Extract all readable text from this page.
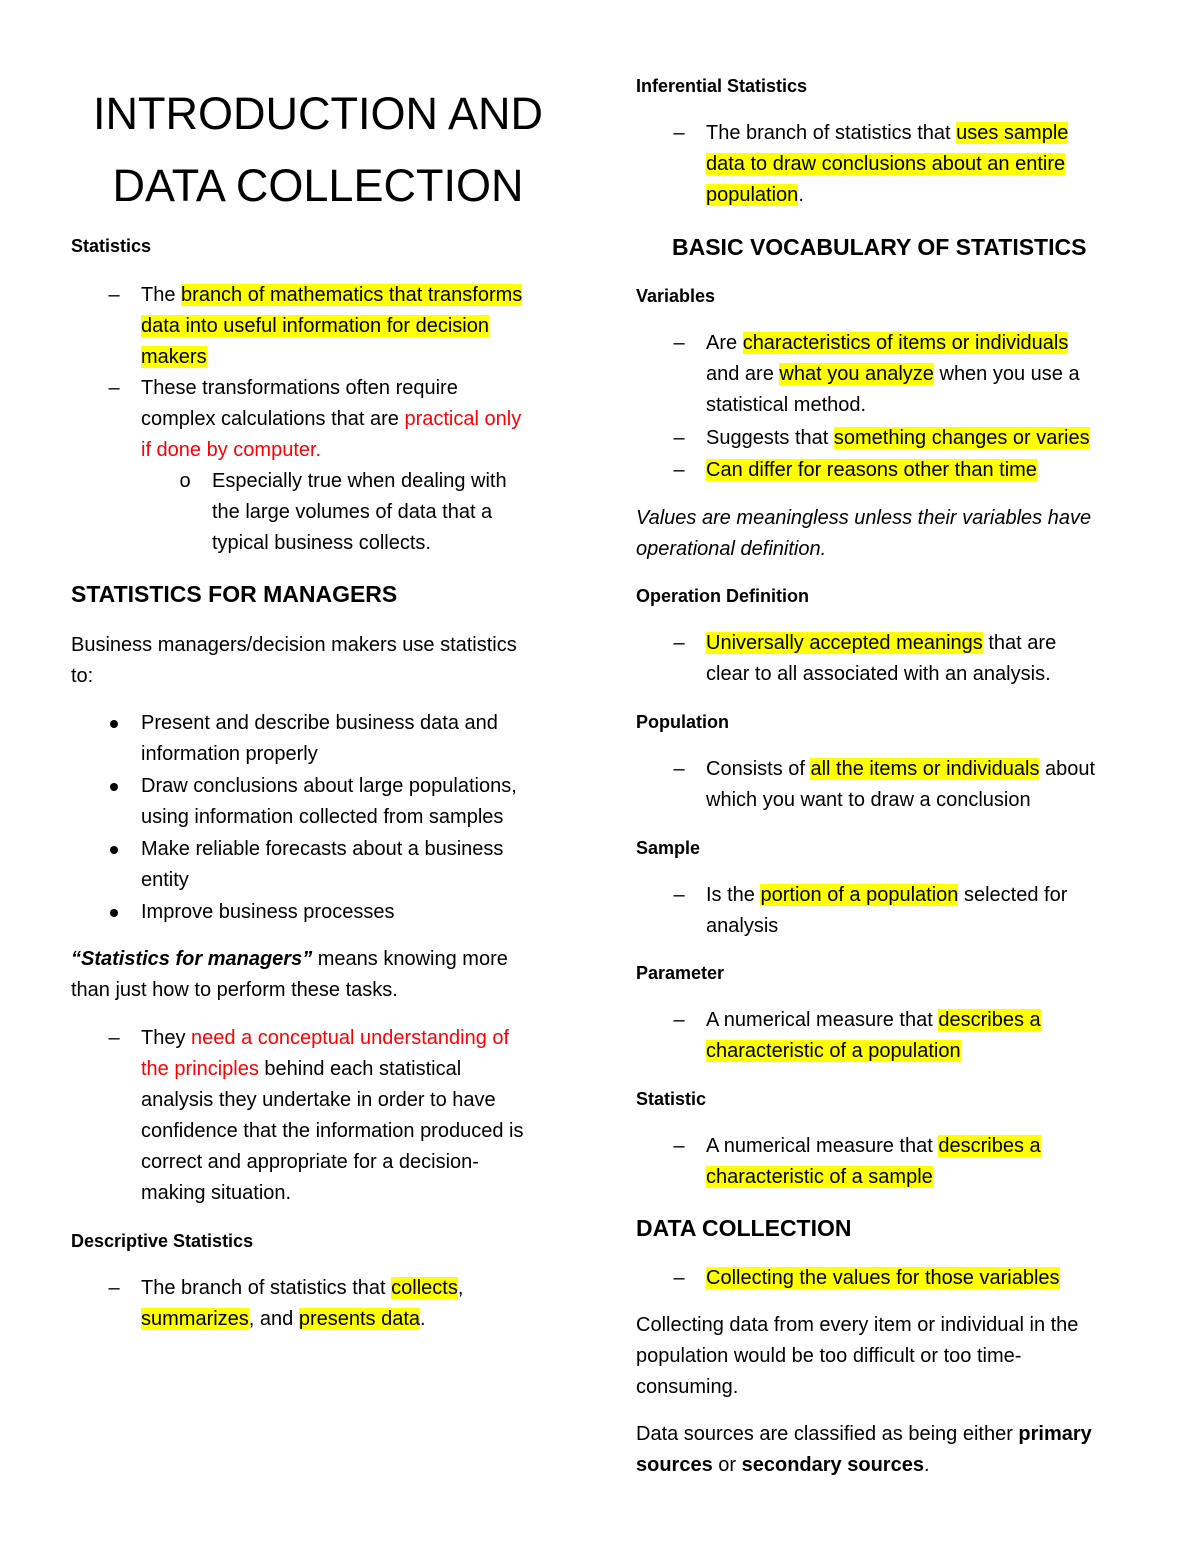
INTRODUCTION AND
DATA COLLECTION
Statistics
– The branch of mathematics that transforms
data into useful information for decision
makers
– These transformations often require
complex calculations that are practical only
if done by computer.
o Especially true when dealing with
the large volumes of data that a
typical business collects.
STATISTICS FOR MANAGERS
Business managers/decision makers use statistics
to:
Present and describe business data and
information properly
Draw conclusions about large populations,
using information collected from samples
Make reliable forecasts about a business
entity
Improve business processes
“Statistics for managers” means knowing more
than just how to perform these tasks.
– They need a conceptual understanding of
the principles behind each statistical
analysis they undertake in order to have
confidence that the information produced is
correct and appropriate for a decision-
making situation.
Descriptive Statistics
– The branch of statistics that collects,
summarizes, and presents data.
Inferential Statistics
– The branch of statistics that uses sample
data to draw conclusions about an entire
population.
BASIC VOCABULARY OF STATISTICS
Variables
– Are characteristics of items or individuals
and are what you analyze when you use a
statistical method.
– Suggests that something changes or varies
– Can differ for reasons other than time
Values are meaningless unless their variables have
operational definition.
Operation Definition
– Universally accepted meanings that are
clear to all associated with an analysis.
Population
– Consists of all the items or individuals about
which you want to draw a conclusion
Sample
– Is the portion of a population selected for
analysis
Parameter
– A numerical measure that describes a
characteristic of a population
Statistic
– A numerical measure that describes a
characteristic of a sample
DATA COLLECTION
– Collecting the values for those variables
Collecting data from every item or individual in the
population would be too difficult or too time-
consuming.
Data sources are classified as being either primary
sources or secondary sources.
